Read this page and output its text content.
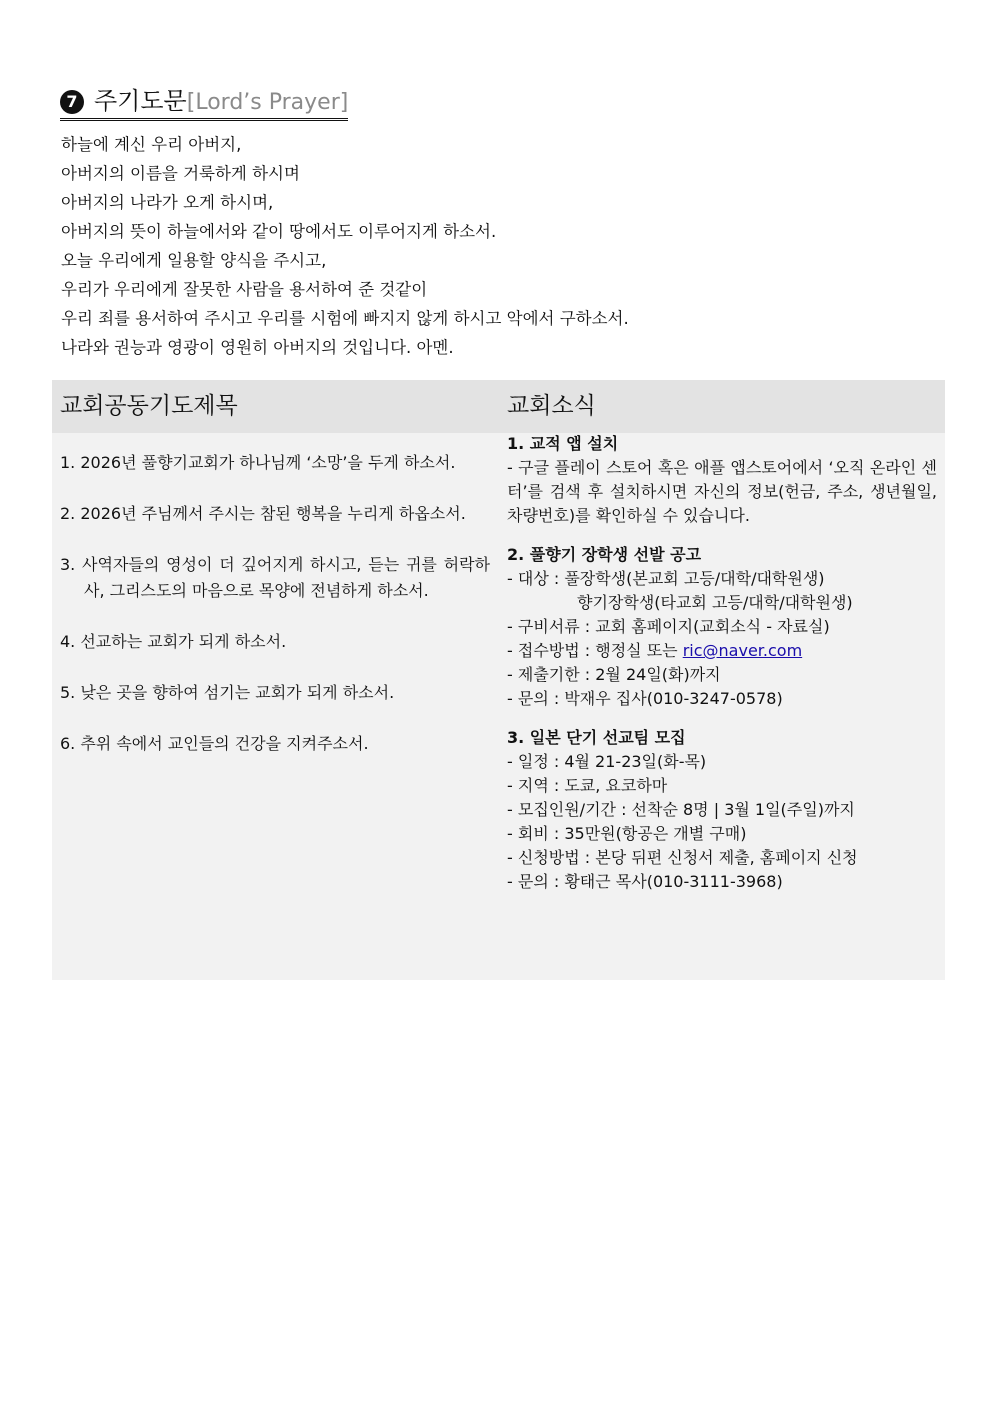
7 주기도문[Lord’s Prayer]
하늘에 계신 우리 아버지,
아버지의 이름을 거룩하게 하시며
아버지의 나라가 오게 하시며,
아버지의 뜻이 하늘에서와 같이 땅에서도 이루어지게 하소서.
오늘 우리에게 일용할 양식을 주시고,
우리가 우리에게 잘못한 사람을 용서하여 준 것같이
우리 죄를 용서하여 주시고 우리를 시험에 빠지지 않게 하시고 악에서 구하소서.
나라와 권능과 영광이 영원히 아버지의 것입니다. 아멘.
교회공동기도제목	교회소식
1. 2026년 풀향기교회가 하나님께 ‘소망’을 두게 하소서.
2. 2026년 주님께서 주시는 참된 행복을 누리게 하옵소서.
3. 사역자들의 영성이 더 깊어지게 하시고, 듣는 귀를 허락하사, 그리스도의 마음으로 목양에 전념하게 하소서.
4. 선교하는 교회가 되게 하소서.
5. 낮은 곳을 향하여 섬기는 교회가 되게 하소서.
6. 추위 속에서 교인들의 건강을 지켜주소서.

1. 교적 앱 설치

- 구글 플레이 스토어 혹은 애플 앱스토어에서 ‘오직 온라인 센터’를 검색 후 설치하시면 자신의 정보(헌금, 주소, 생년월일, 차량번호)를 확인하실 수 있습니다.

2. 풀향기 장학생 선발 공고

- 대상 : 풀장학생(본교회 고등/대학/대학원생)
향기장학생(타교회 고등/대학/대학원생)
- 구비서류 : 교회 홈페이지(교회소식 - 자료실)
- 접수방법 : 행정실 또는 ric@naver.com
- 제출기한 : 2월 24일(화)까지
- 문의 : 박재우 집사(010-3247-0578)

3. 일본 단기 선교팀 모집

- 일정 : 4월 21-23일(화-목)
- 지역 : 도쿄, 요코하마
- 모집인원/기간 : 선착순 8명 | 3월 1일(주일)까지
- 회비 : 35만원(항공은 개별 구매)
- 신청방법 : 본당 뒤편 신청서 제출, 홈페이지 신청
- 문의 : 황태근 목사(010-3111-3968)
